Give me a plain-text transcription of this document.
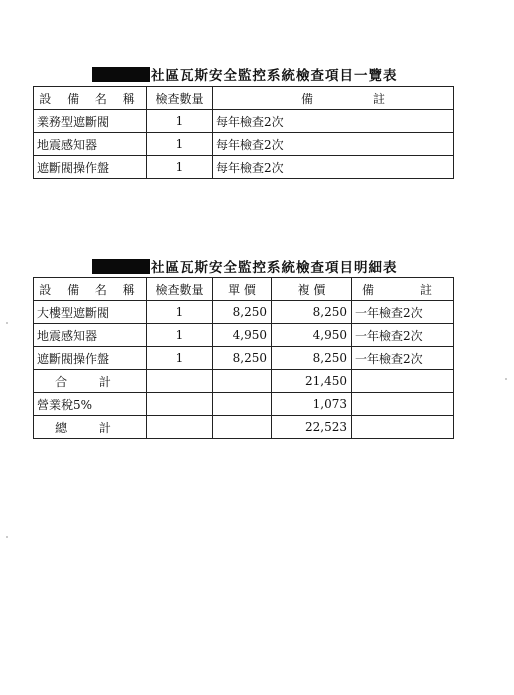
社區瓦斯安全監控系統檢查項目一覽表
設 備 名 稱	檢查數量	備 註
業務型遮斷閥	1	每年檢查2次
地震感知器	1	每年檢查2次
遮斷閥操作盤	1	每年檢查2次
社區瓦斯安全監控系統檢查項目明細表
設 備 名 稱	檢查數量	單 價	複 價	備 註
大樓型遮斷閥	1	8,250	8,250	一年檢查2次
地震感知器	1	4,950	4,950	一年檢查2次
遮斷閥操作盤	1	8,250	8,250	一年檢查2次
合 計			21,450	
營業稅5%			1,073	
總 計			22,523	
